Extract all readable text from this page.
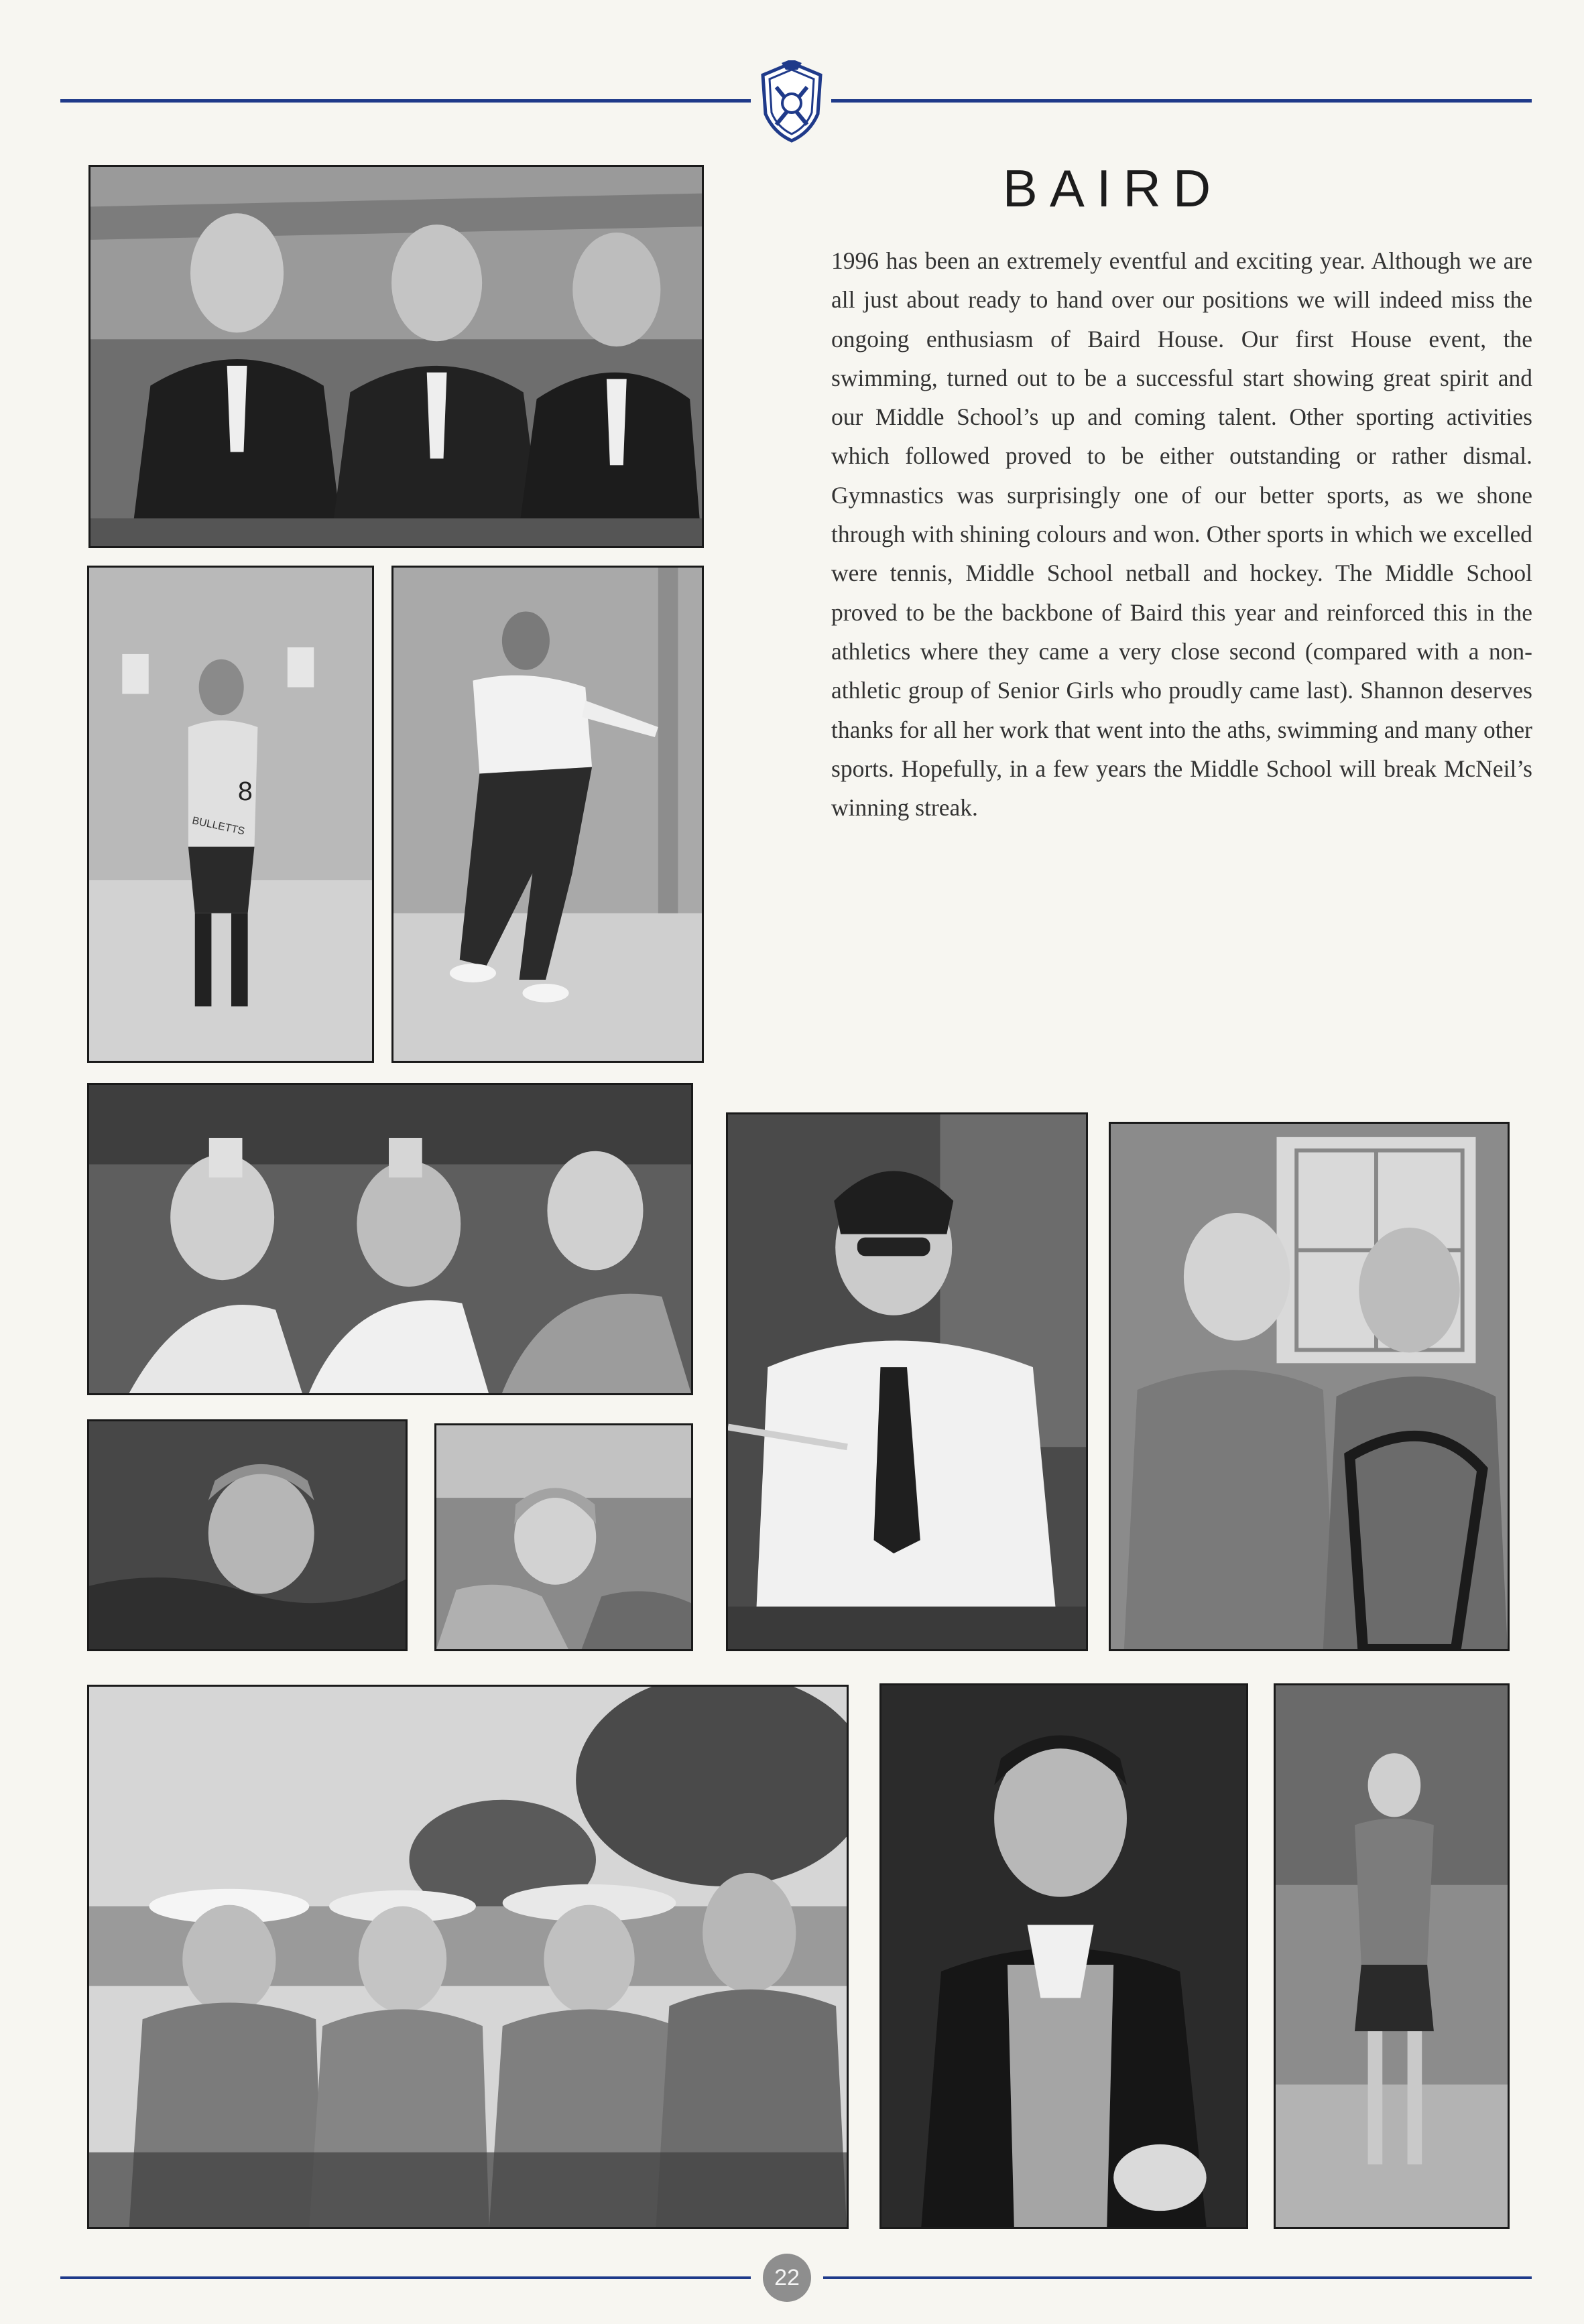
BAIRD

1996 has been an extremely eventful and exciting year. Although we are all just about ready to hand over our positions we will indeed miss the ongoing enthusiasm of Baird House. Our first House event, the swimming, turned out to be a successful start showing great spirit and our Middle School’s up and coming talent. Other sporting activities which followed proved to be either outstanding or rather dismal. Gymnastics was surprisingly one of our better sports, as we shone through with shining colours and won. Other sports in which we excelled were tennis, Middle School netball and hockey. The Middle School proved to be the backbone of Baird this year and reinforced this in the athletics where they came a very close second (compared with a non-athletic group of Senior Girls who proudly came last). Shannon deserves thanks for all her work that went into the aths, swimming and many other sports. Hopefully, in a few years the Middle School will break McNeil’s winning streak.

8
BULLETTS
22
